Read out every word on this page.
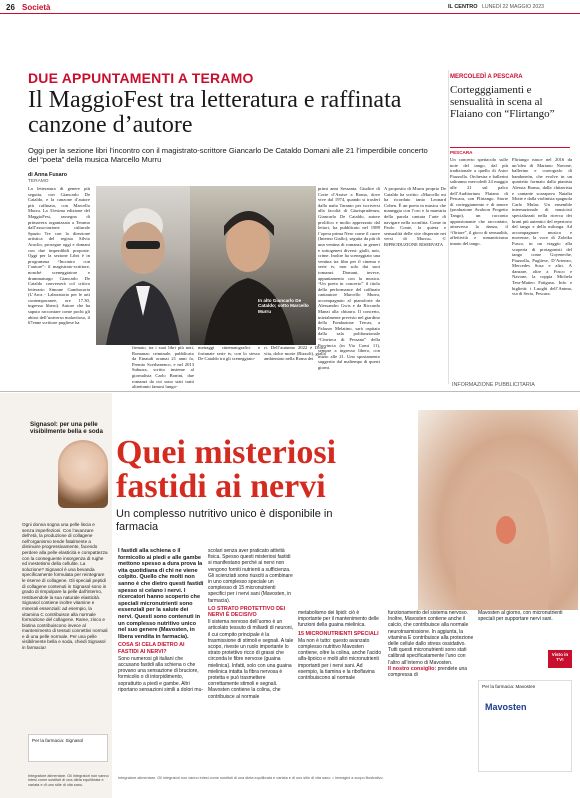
26 Società	IL CENTRO LUNEDÌ 22 MAGGIO 2023
DUE APPUNTAMENTI A TERAMO
Il MaggioFest tra letteratura e raffinata canzone d’autore
Oggi per la sezione libri l’incontro con il magistrato-scrittore Giancarlo De Cataldo Domani alle 21 l’imperdibile concerto del “poeta” della musica Marcello Murru
di Anna Fusaro
TERAMO

La letteratura di genere più seguita, con Giancarlo De Cataldo, e la canzone d’autore più raffinata, con Marcello Murru. La 31esima edizione del MaggioFest, rassegna di primavera organizzata a Teramo dall’associazione culturale Spazio Tre con la direzione artistica del regista Silvio Araclio, prosegue oggi e domani con due imperdibili proposte. Oggi per la sezione Libri è in programma “Incontro con l’autore”: il magistrato-scrittore, nonché sceneggiatore e drammaturgo Giancarlo De Cataldo converserà col critico letterario Simone Gambacorta (L’Arca - Laboratorio per le arti contemporanee, ore 17.30, ingresso libero). Autore che ha saputo raccontare come pochi gli abissi dell’universo malavitoso, il 67enne scrittore pugliese ha

In alto Giancarlo De Cataldo; sotto Marcello Murru

firmato, tra i suoi libri più noti, Romanzo criminale, pubblicato da Einaudi oramai 21 anni fa, Premio Scerbanenco, e nel 2013 Suburra, scritto insieme al giornalista Carlo Bonini, due romanzi da cui sono stati tratti altrettanto famosi lungo-

metraggi cinematografici e fortunate serie tv, con lo stesso De Cataldo tra gli sceneggiato-

ri. Dell’autunno 2022 è Dolce vita, dolce morte (Rizzoli), giallo ambientato nella Roma dei

primi anni Sessanta. Giudice di Corte d’Assise a Roma, dove vive dal 1974, quando si trasferì dalla natìa Taranto per iscriversi alla facoltà di Giurisprudenza, Giancarlo De Cataldo, autore prolifico e molto apprezzato dal lettori, ha pubblicato nel 1989 l’opera prima Nero come il cuore (Interno Giallo), seguita da più di una ventina di romanzi, in generi e sottogeneri diversi: gialli, noir, crime. Inoltre ha sceneggiato una ventina tra film per il cinema e serie tv, non solo dai suoi romanzi. Domani, invece, appuntamento con la musica. “Un poeta in concerto” il titolo della performance del raffinato cantautore Marcello Murru, accompagnato al pianoforte da Alessandro Gwis e da Riccardo Manzi alla chitarra. Il concerto, inizialmente previsto nel giardino della Fondazione Tercas, a Palazzo Melatino, sarà ospitato dalla sala polifunzionale “Cineteca di Pessano” della Provincia (in Via Comi 11), sempre a ingresso libero, con inizio alle 21. Uno spostamento suggerito dal maltempo di questi giorni.

A proposito di Murru proprio De Cataldo ha scritto: «Marcello mi ha ricordato tanto Leonard Cohen. È un poeta in musica che maneggia con l’oro e la maestria della parola cantata l’arte di navigare nella sconfitta. Come in Paolo Conte, la quieta e sensualità delle vite disperate nei versi di Murru». © RIPRODUZIONE RISERVATA

MERCOLEDÌ A PESCARA
Cortegggiamenti e sensualità in scena al Flaiano con “Flirtango”
PESCARA

Un concerto spettacolo sulle note del tango, dal più tradizionale a quello di Astor Piazzolla. Orchestra e ballerini saliranno mercoledì 24 maggio alle 21 sul palco dell’Auditorium Flaiano di Pescara, con Flirtango. Storie di corteggiamento e di amore (produzione Avaloon Progetto Tango), un racconto appassionante che raccontato, attraverso la danza, il “flirtare”, il gioco di sensualità, affettività e romanticismo innato del tango.

Flirtango nasce nel 2016 da un’idea di Mariano Navone, ballerino e coreografo di bandoneón, che evolve in un quartetto formato dalla pianista Alessia Bonsu, dalla chitarrista e cantante sorzapavo Natalia Motte e dalla violinista spagnola Carlo Mulas. Un ensemble internazionale di musicisti specializzati nella ricerca dei brani più autentici del repertorio del tango e della milonga. Ad accompagnare musica e movenze, la voce di Zoleika Fusco, in un viaggio alla scoperta di protagonisti del tango come Goyeneche, Piazzolla, Pugliese, D’Arienzo, Mercedes Sosa e altri. A danzare, oltre a Fosco e Navone, la coppia Michela Tera-Matteo Fatiguso. Info e biglietti: i Luoghi dell’Anima, via di Serio, Pescara.

INFORMAZIONE PUBBLICITARIA
Signasol: per una pelle visibilmente bella e soda
Ogni donna sogna una pelle liscia e senza imperfezioni. Con l’avanzare dell’età, la produzione di collagene nell’organismo tende fatalmente a diminuire progressivamente, facendo perdere alla pelle elasticità e compattezza con la conseguente insorgenza di rughe ed inestetismi della cellulite. La soluzione? Signasol è una bevanda specificamente formulata per reintegrare le riserve di collagene. Gli speciali peptidi di collagene contenuti in Signasol sono in grado di rimpolpare la pelle dall’interno, restituendole la sua naturale elasticità. Signasol contiene inoltre vitamine e minerali essenziali: ad esempio, la vitamina C contribuisce alla normale formazione del collagene. Rame, zinco e biotina contribuiscono invece al mantenimento di tessuti connettivi normali e di una pelle normale. Per una pelle visibilmente bella e soda, chiedi Signasol in farmacia!
Per la farmacia: Signasol
Integratore alimentare. Gli integratori non vanno intesi come sostituti di una dieta equilibrata e variata e di uno stile di vita sano.
Quei misteriosi fastidi ai nervi
Un complesso nutritivo unico è disponibile in farmacia

I fastidi alla schiena o il formicolio ai piedi e alle gambe mettono spesso a dura prova la vita quotidiana di chi ne viene colpito. Quello che molti non sanno è che dietro questi fastidi spesso si celano i nervi. I ricercatori hanno scoperto che speciali micronutrienti sono essenziali per la salute dei nervi. Questi sono contenuti in un complesso nutritivo unico nel suo genere (Mavosten, in libera vendita in farmacia).

COSA SI CELA DIETRO AI FASTIDI AI NERVI?

Sono numerosi gli italiani che accusano fastidi alla schiena o che provano una sensazione di bruciore, formicolio o di intorpidimento, soprattutto a piedi e gambe. Altri riportano sensazioni simili a dolori mu-

scolari senza aver praticato attività fisica. Spesso questi misteriosi fastidi si manifestano perché ai nervi non vengono forniti nutrienti a sufficienza. Gli scienziati sono riusciti a combinare in uno complesso speciale un complesso di 15 micronutrienti specifici per i nervi sani (Mavosten, in farmacia).

LO STRATO PROTETTIVO DEI NERVI È DECISIVO

Il sistema nervoso dell’uomo è un articolato tessuto di miliardi di neuroni, il cui compito principale è la trasmissione di stimoli e segnali. A tale scopo, riveste un ruolo importante lo strato protettivo ricco di grassi che circonda le fibre nervose (guaina mielinica). Infatti, solo con una guaina mielinica intatta la fibra nervosa è protetta e può trasmettere correttamente stimoli e segnali. Mavosten contiene la colina, che contribuisce al normale

metabolismo dei lipidi: ciò è importante per il mantenimento delle funzioni della guaina mielinica.

15 MICRONUTRIENTI SPECIALI

Ma non è tutto: questo avanzato complesso nutritivo Mavosten contiene, oltre la colina, anche l’acido alfa-lipoico e molti altri micronutrienti importanti per i nervi sani. Ad esempio, la tiamina e la riboflavina contribuiscono al normale

funzionamento del sistema nervoso. Inoltre, Mavosten contiene anche il calcio, che contribuisce alla normale neurotrasmissione. In aggiunta, la vitamina E contribuisce alla protezione delle cellule dallo stress ossidativo. Tutti questi micronutrienti sono stati calibrati specificatamente l’uno con l’altro all’interno di Mavosten.

Il nostro consiglio: prendete una compressa di

Mavosten al giorno, con micronutrienti speciali per supportare nervi sani.

Visto in TV!
Per la farmacia: Mavosten
Mavosten
Integratore alimentare. Gli integratori non vanno intesi come sostituti di una dieta equilibrata e variata e di uno stile di vita sano. • Immagini a scopo illustrativo.
